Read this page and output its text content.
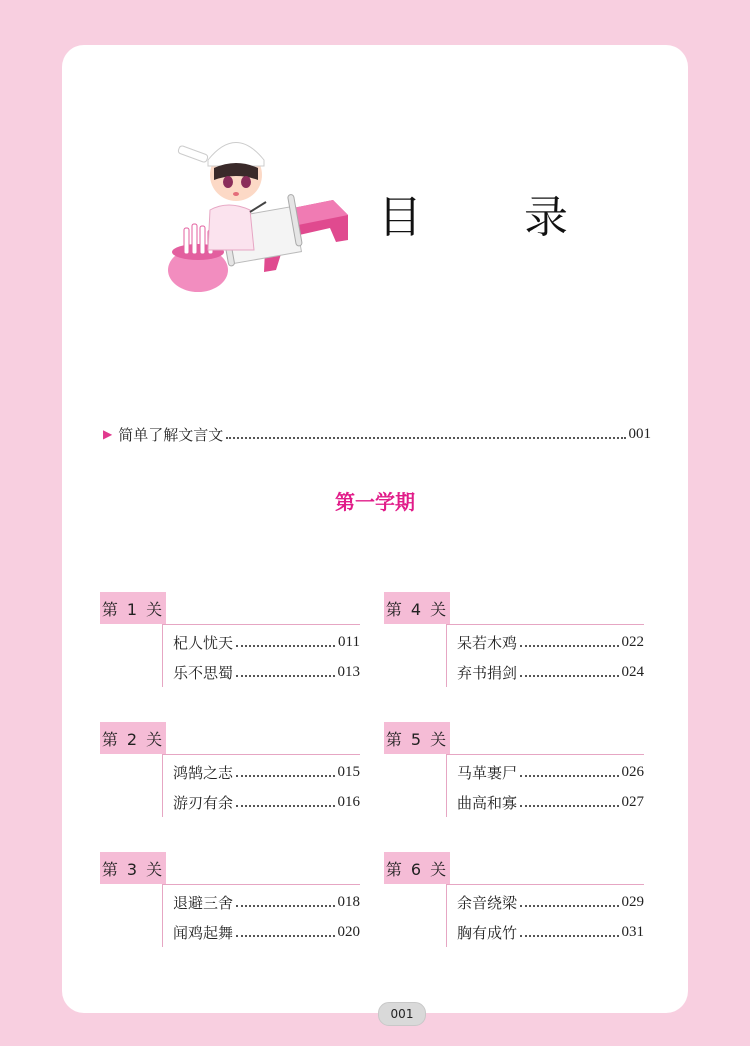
目 录
▶ 简单了解文言文	001
第一学期
第 1 关
杞人忧天	011
乐不思蜀	013
第 2 关
鸿鹄之志	015
游刃有余	016
第 3 关
退避三舍	018
闻鸡起舞	020
第 4 关
呆若木鸡	022
弃书捐剑	024
第 5 关
马革裹尸	026
曲高和寡	027
第 6 关
余音绕梁	029
胸有成竹	031
001
